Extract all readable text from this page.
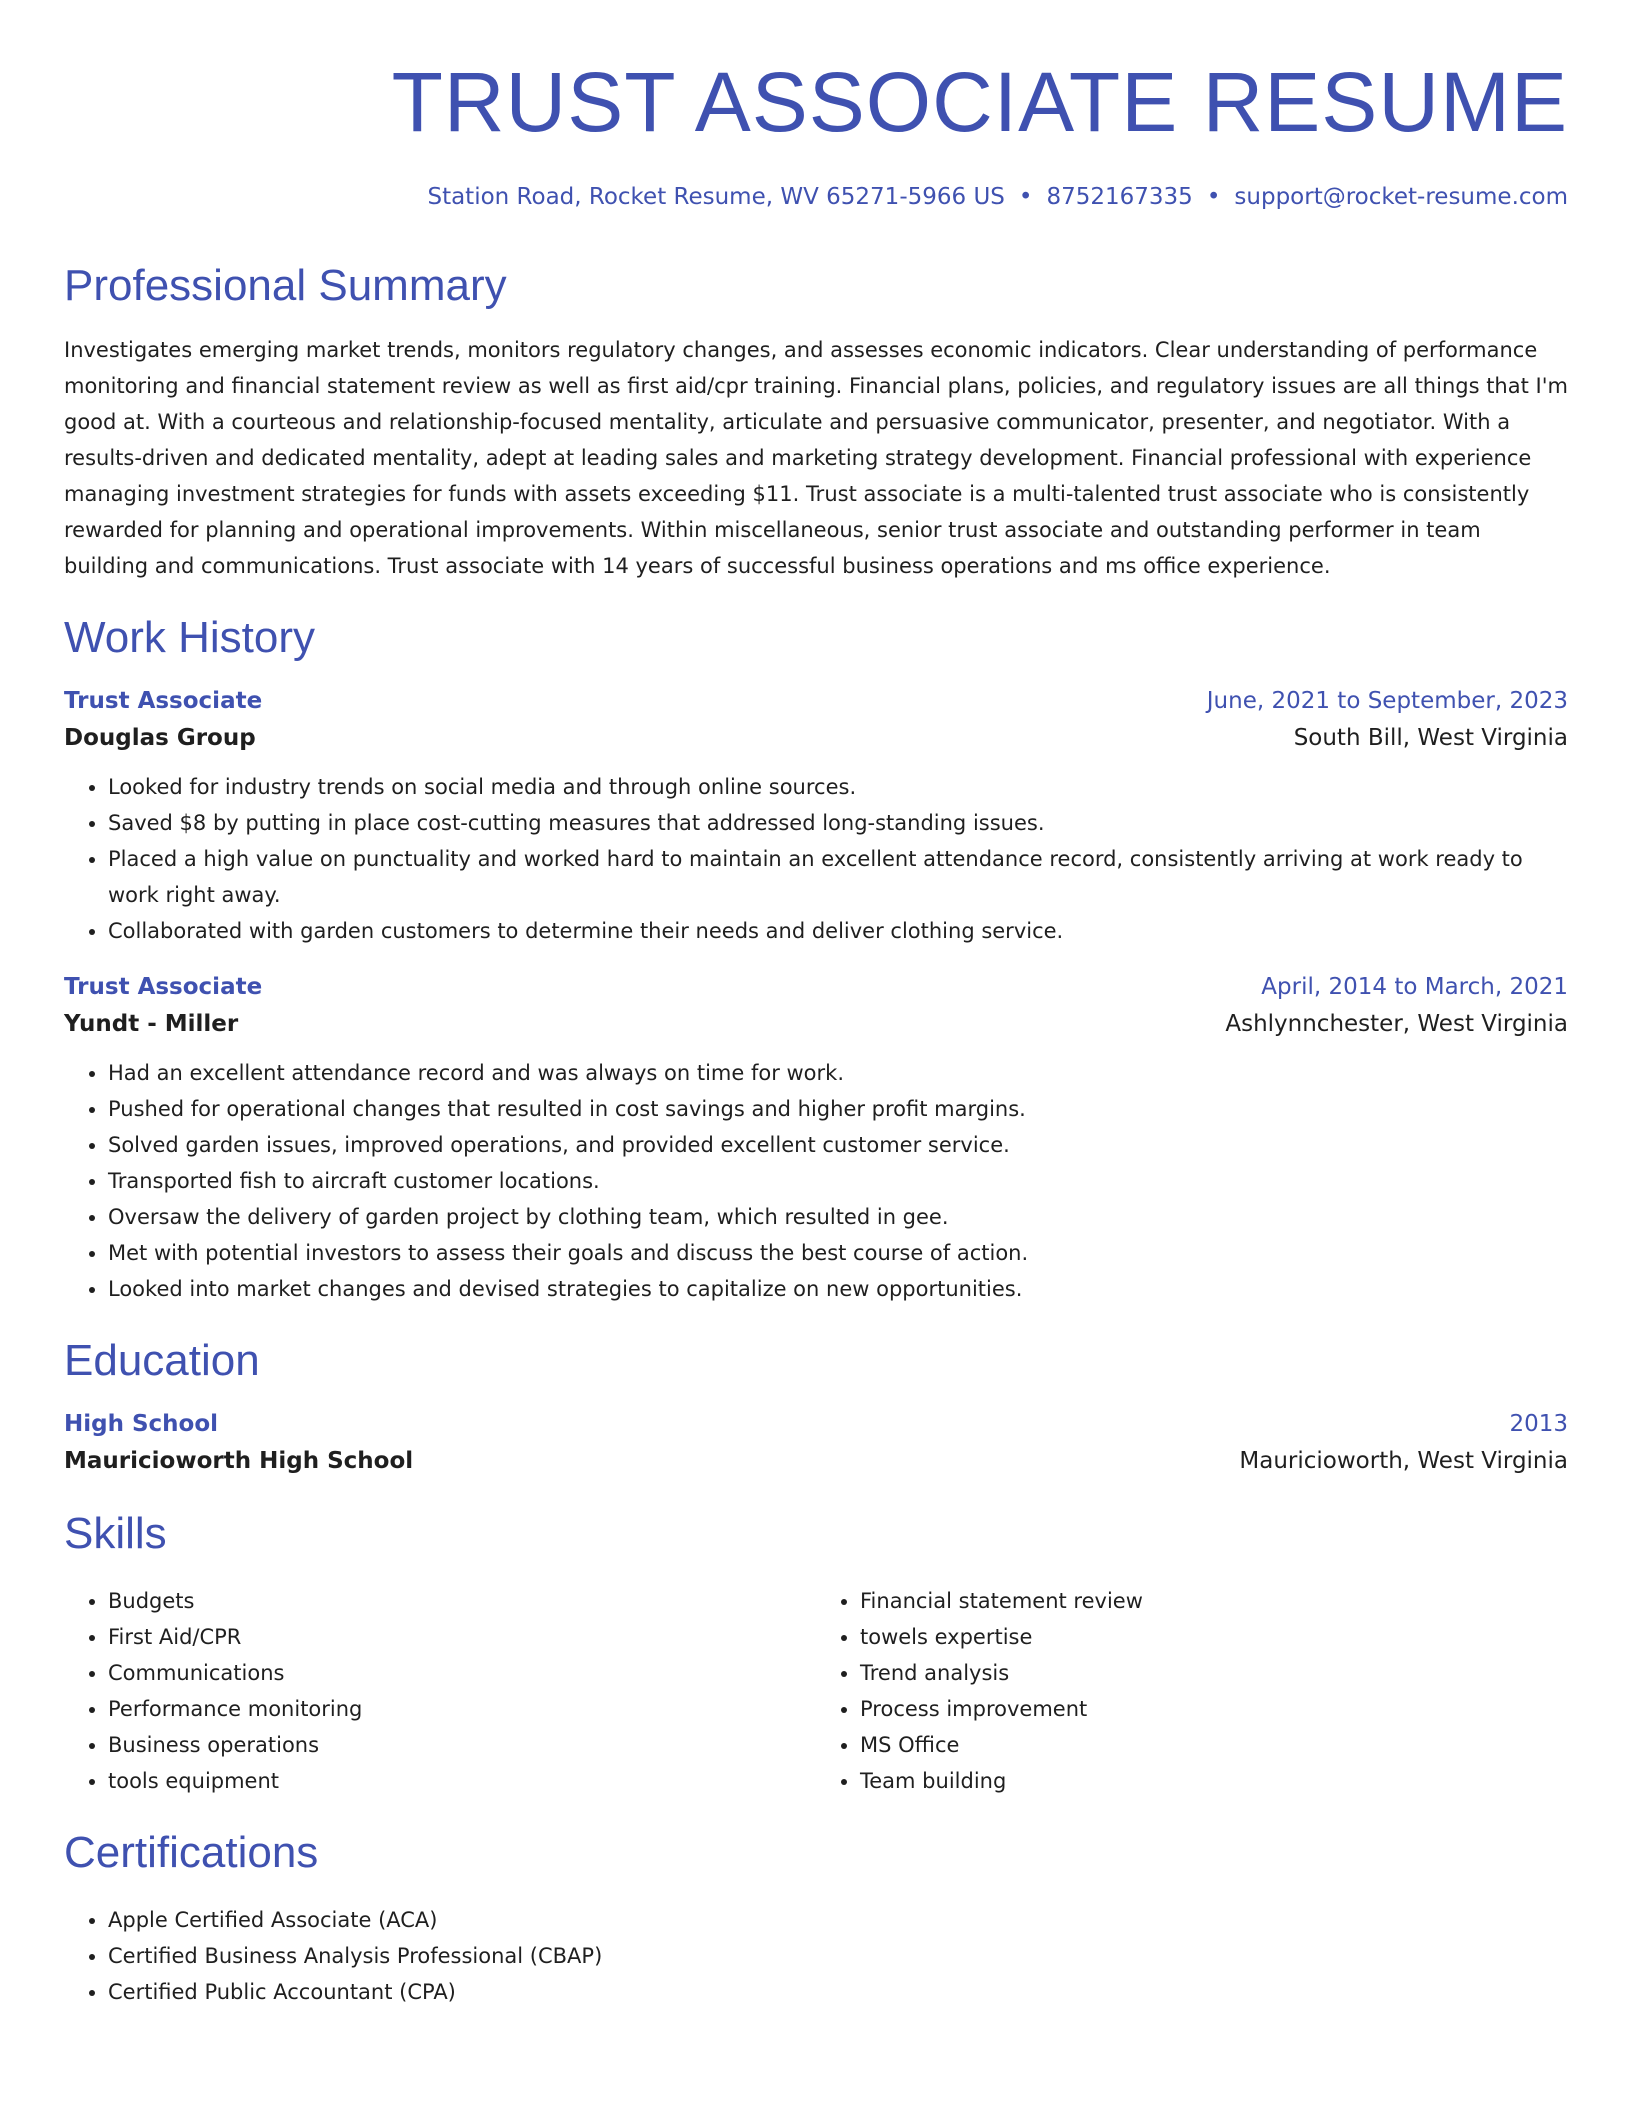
TRUST ASSOCIATE RESUME
Station Road, Rocket Resume, WV 65271-5966 US • 8752167335 • support@rocket-resume.com
Professional Summary

Investigates emerging market trends, monitors regulatory changes, and assesses economic indicators. Clear understanding of performance monitoring and financial statement review as well as first aid/cpr training. Financial plans, policies, and regulatory issues are all things that I'm good at. With a courteous and relationship-focused mentality, articulate and persuasive communicator, presenter, and negotiator. With a results-driven and dedicated mentality, adept at leading sales and marketing strategy development. Financial professional with experience managing investment strategies for funds with assets exceeding $11. Trust associate is a multi-talented trust associate who is consistently rewarded for planning and operational improvements. Within miscellaneous, senior trust associate and outstanding performer in team building and communications. Trust associate with 14 years of successful business operations and ms office experience.

Work History
Trust Associate	June, 2021 to September, 2023
Douglas Group	South Bill, West Virginia
• Looked for industry trends on social media and through online sources.
• Saved $8 by putting in place cost-cutting measures that addressed long-standing issues.
• Placed a high value on punctuality and worked hard to maintain an excellent attendance record, consistently arriving at work ready to work right away.
• Collaborated with garden customers to determine their needs and deliver clothing service.
Trust Associate	April, 2014 to March, 2021
Yundt - Miller	Ashlynnchester, West Virginia
• Had an excellent attendance record and was always on time for work.
• Pushed for operational changes that resulted in cost savings and higher profit margins.
• Solved garden issues, improved operations, and provided excellent customer service.
• Transported fish to aircraft customer locations.
• Oversaw the delivery of garden project by clothing team, which resulted in gee.
• Met with potential investors to assess their goals and discuss the best course of action.
• Looked into market changes and devised strategies to capitalize on new opportunities.
Education
High School	2013
Mauricioworth High School	Mauricioworth, West Virginia
Skills
• Budgets
• First Aid/CPR
• Communications
• Performance monitoring
• Business operations
• tools equipment
• Financial statement review
• towels expertise
• Trend analysis
• Process improvement
• MS Office
• Team building
Certifications
• Apple Certified Associate (ACA)
• Certified Business Analysis Professional (CBAP)
• Certified Public Accountant (CPA)
